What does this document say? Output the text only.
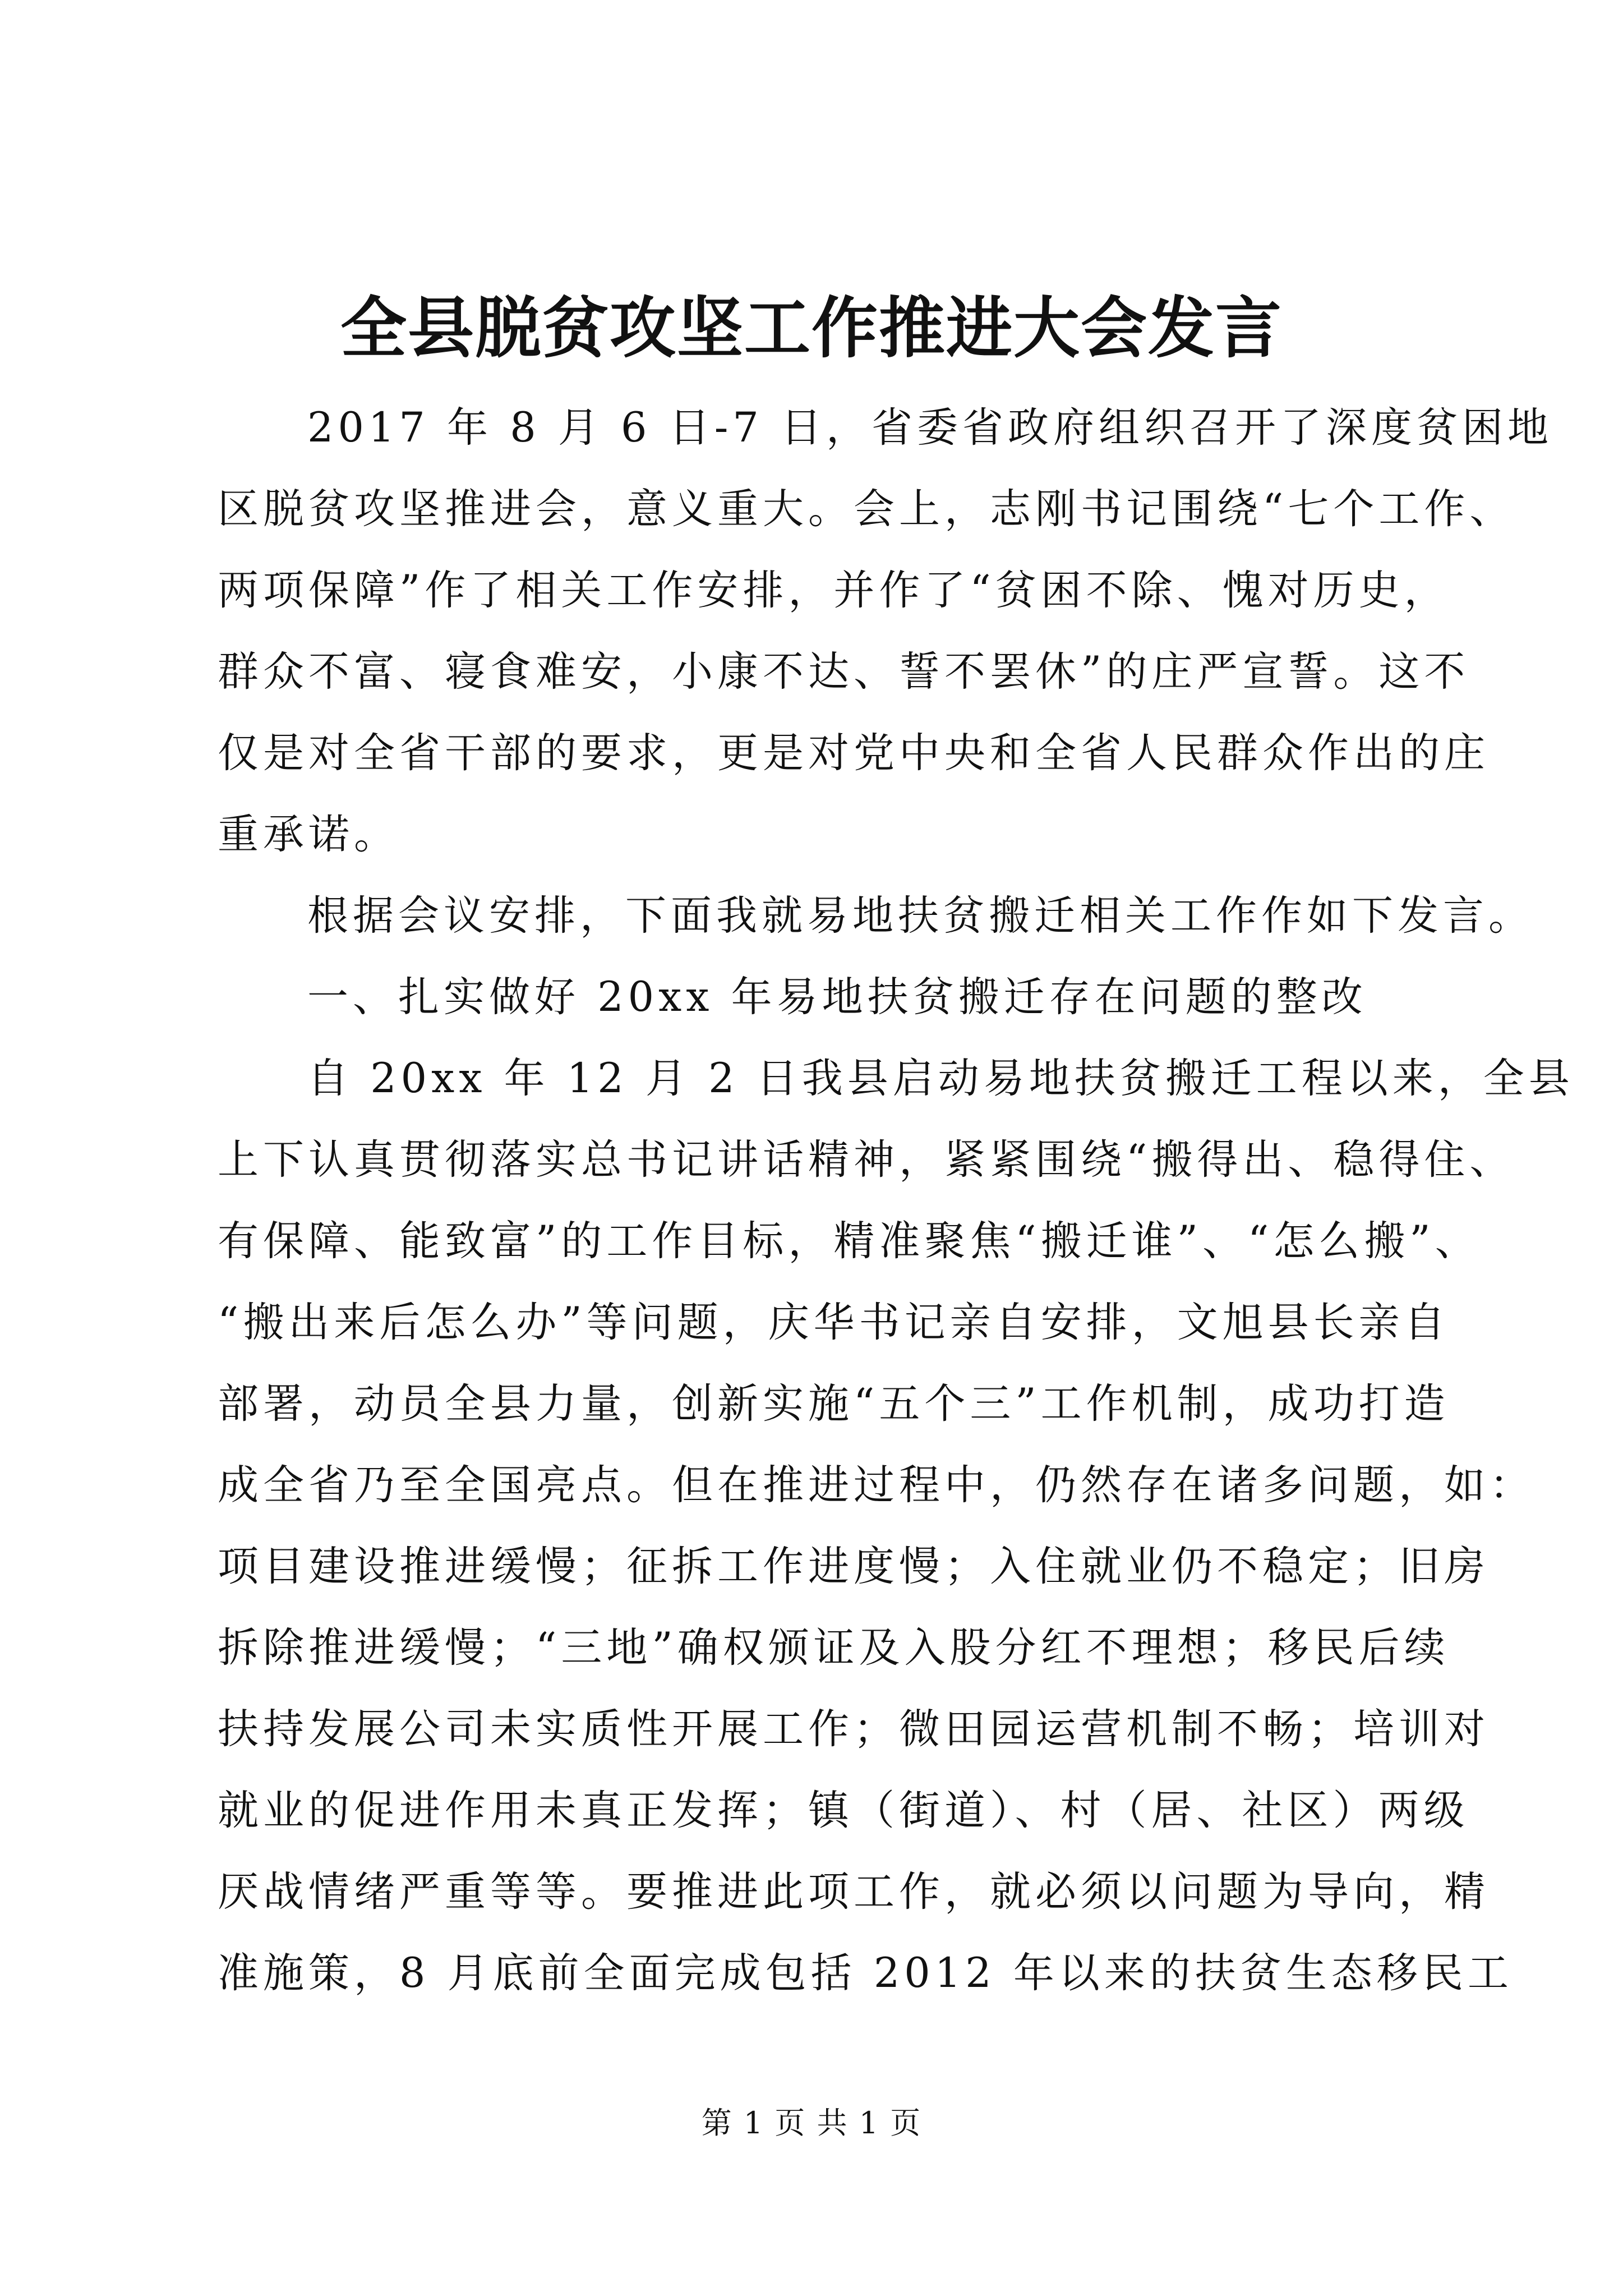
全县脱贫攻坚工作推进大会发言
2017 年 8 月 6 日-7 日，省委省政府组织召开了深度贫困地
区脱贫攻坚推进会，意义重大。会上，志刚书记围绕“七个工作、
两项保障”作了相关工作安排，并作了“贫困不除、愧对历史，
群众不富、寝食难安，小康不达、誓不罢休”的庄严宣誓。这不
仅是对全省干部的要求，更是对党中央和全省人民群众作出的庄
重承诺。
根据会议安排，下面我就易地扶贫搬迁相关工作作如下发言。
一、扎实做好 20xx 年易地扶贫搬迁存在问题的整改
自 20xx 年 12 月 2 日我县启动易地扶贫搬迁工程以来，全县
上下认真贯彻落实总书记讲话精神，紧紧围绕“搬得出、稳得住、
有保障、能致富”的工作目标，精准聚焦“搬迁谁”、“怎么搬”、
“搬出来后怎么办”等问题，庆华书记亲自安排，文旭县长亲自
部署，动员全县力量，创新实施“五个三”工作机制，成功打造
成全省乃至全国亮点。但在推进过程中，仍然存在诸多问题，如：
项目建设推进缓慢；征拆工作进度慢；入住就业仍不稳定；旧房
拆除推进缓慢；“三地”确权颁证及入股分红不理想；移民后续
扶持发展公司未实质性开展工作；微田园运营机制不畅；培训对
就业的促进作用未真正发挥；镇（街道）、村（居、社区）两级
厌战情绪严重等等。要推进此项工作，就必须以问题为导向，精
准施策，8 月底前全面完成包括 2012 年以来的扶贫生态移民工
第 1 页 共 1 页
